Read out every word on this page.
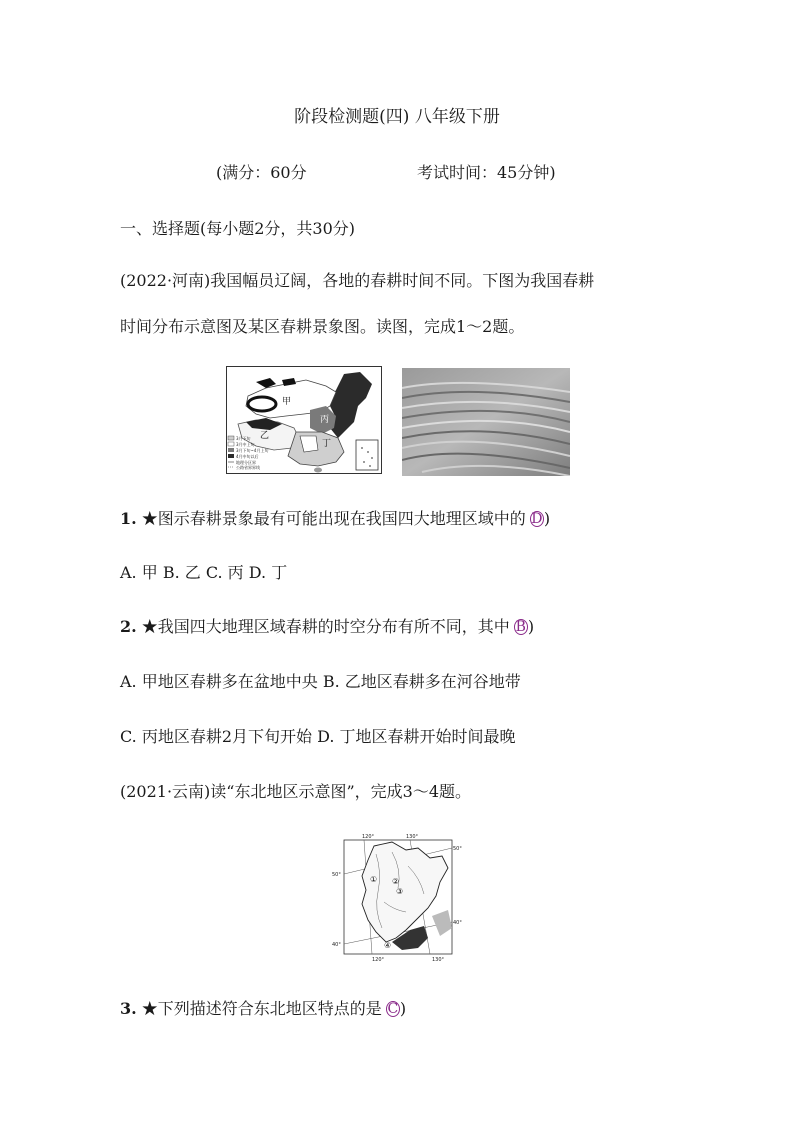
阶段检测题(四) 八年级下册
(满分：60分	考试时间：45分钟)
一、选择题(每小题2分，共30分)
(2022·河南)我国幅员辽阔，各地的春耕时间不同。下图为我国春耕
时间分布示意图及某区春耕景象图。读图，完成1～2题。
甲
乙
丙
丁
3月下旬
3月中上旬
3月下旬~4月上旬
4月中旬以后
地理分区界
公路省界界线
1. ★图示春耕景象最有可能出现在我国四大地理区域中的 D)
A. 甲 B. 乙 C. 丙 D. 丁
2. ★我国四大地理区域春耕的时空分布有所不同，其中 B )
A. 甲地区春耕多在盆地中央 B. 乙地区春耕多在河谷地带
C. 丙地区春耕2月下旬开始 D. 丁地区春耕开始时间最晚
(2021·云南)读“东北地区示意图”，完成3～4题。
① ②
③
④
120°	130°
120°	130°
50°
40°
50°
40°
3. ★下列描述符合东北地区特点的是 C )
